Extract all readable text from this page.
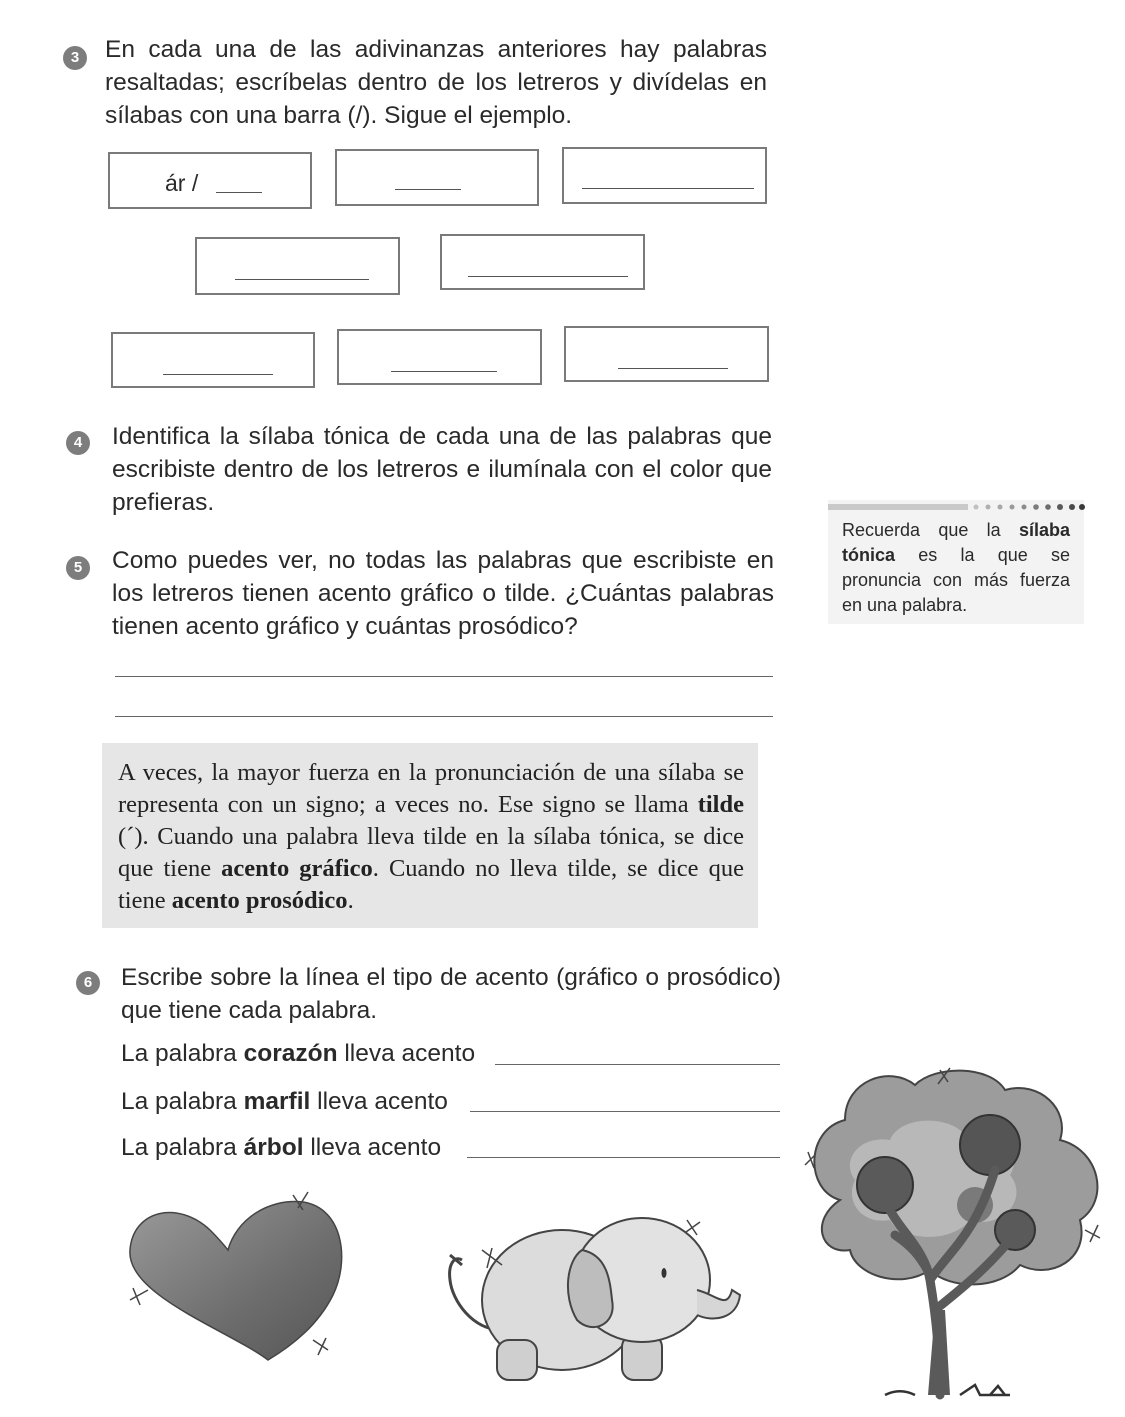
3	En cada una de las adivinanzas anteriores hay palabras resaltadas; escríbelas dentro de los letreros y divídelas en sílabas con una barra (/). Sigue el ejemplo.

ár /
4	Identifica la sílaba tónica de cada una de las palabras que escribiste dentro de los letreros e ilumínala con el color que prefieras.

5	Como puedes ver, no todas las palabras que escribiste en los letreros tienen acento gráfico o tilde. ¿Cuántas palabras tienen acento gráfico y cuántas prosódico?

Recuerda que la sílaba tónica es la que se pronuncia con más fuerza en una palabra.

A veces, la mayor fuerza en la pronunciación de una sílaba se representa con un signo; a veces no. Ese signo se llama tilde (´). Cuando una palabra lleva tilde en la sílaba tónica, se dice que tiene acento gráfico. Cuando no lleva tilde, se dice que tiene acento prosódico.

6	Escribe sobre la línea el tipo de acento (gráfico o prosódico) que tiene cada palabra.

La palabra corazón lleva acento
La palabra marfil lleva acento
La palabra árbol lleva acento
